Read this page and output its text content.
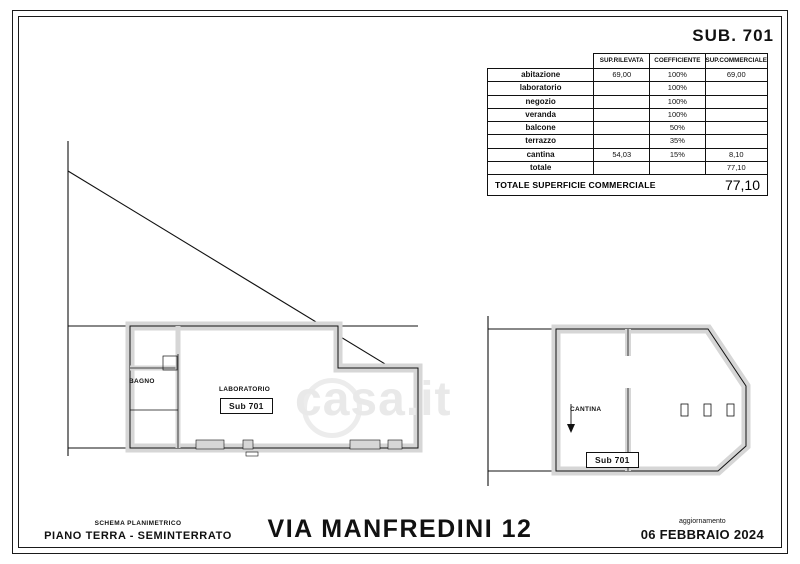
SUB. 701
	SUP.RILEVATA	COEFFICIENTE	SUP.COMMERCIALE
abitazione	69,00	100%	69,00
laboratorio		100%	
negozio		100%	
veranda		100%	
balcone		50%	
terrazzo		35%	
cantina	54,03	15%	8,10
totale			77,10
TOTALE SUPERFICIE COMMERCIALE	77,10
casa.it
BAGNO
LABORATORIO
Sub 701	CANTINA
Sub 701
SCHEMA PLANIMETRICO
PIANO TERRA - SEMINTERRATO	VIA MANFREDINI 12	aggiornamento
06 FEBBRAIO 2024
